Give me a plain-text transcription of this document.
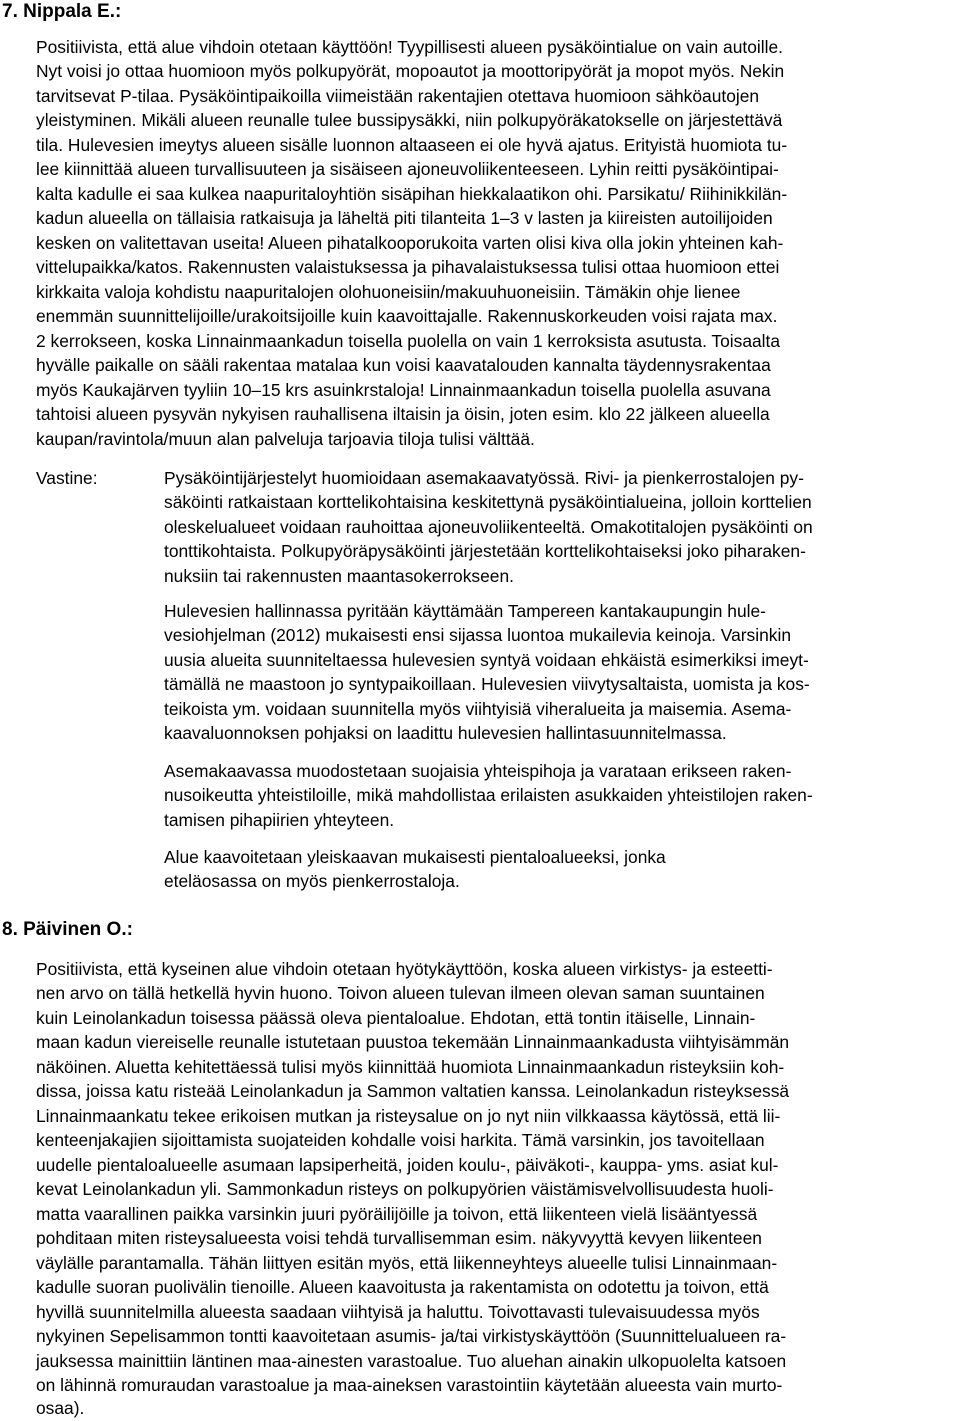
7. Nippala E.:
Positiivista, että alue vihdoin otetaan käyttöön! Tyypillisesti alueen pysäköintialue on vain autoille.
Nyt voisi jo ottaa huomioon myös polkupyörät, mopoautot ja moottoripyörät ja mopot myös. Nekin
tarvitsevat P-tilaa. Pysäköintipaikoilla viimeistään rakentajien otettava huomioon sähköautojen
yleistyminen. Mikäli alueen reunalle tulee bussipysäkki, niin polkupyöräkatokselle on järjestettävä
tila. Hulevesien imeytys alueen sisälle luonnon altaaseen ei ole hyvä ajatus. Erityistä huomiota tu-
lee kiinnittää alueen turvallisuuteen ja sisäiseen ajoneuvoliikenteeseen. Lyhin reitti pysäköintipai-
kalta kadulle ei saa kulkea naapuritaloyhtiön sisäpihan hiekkalaatikon ohi. Parsikatu/ Riihinikkilän-
kadun alueella on tällaisia ratkaisuja ja läheltä piti tilanteita 1–3 v lasten ja kiireisten autoilijoiden
kesken on valitettavan useita! Alueen pihatalkooporukoita varten olisi kiva olla jokin yhteinen kah-
vittelupaikka/katos. Rakennusten valaistuksessa ja pihavalaistuksessa tulisi ottaa huomioon ettei
kirkkaita valoja kohdistu naapuritalojen olohuoneisiin/makuuhuoneisiin. Tämäkin ohje lienee
enemmän suunnittelijoille/urakoitsijoille kuin kaavoittajalle. Rakennuskorkeuden voisi rajata max.
2 kerrokseen, koska Linnainmaankadun toisella puolella on vain 1 kerroksista asutusta. Toisaalta
hyvälle paikalle on sääli rakentaa matalaa kun voisi kaavatalouden kannalta täydennysrakentaa
myös Kaukajärven tyyliin 10–15 krs asuinkrstaloja! Linnainmaankadun toisella puolella asuvana
tahtoisi alueen pysyvän nykyisen rauhallisena iltaisin ja öisin, joten esim. klo 22 jälkeen alueella
kaupan/ravintola/muun alan palveluja tarjoavia tiloja tulisi välttää.
Vastine:	Pysäköintijärjestelyt huomioidaan asemakaavatyössä. Rivi- ja pienkerrostalojen py-
säköinti ratkaistaan korttelikohtaisina keskitettynä pysäköintialueina, jolloin korttelien
oleskelualueet voidaan rauhoittaa ajoneuvoliikenteeltä. Omakotitalojen pysäköinti on
tonttikohtaista. Polkupyöräpysäköinti järjestetään korttelikohtaiseksi joko piharaken-
nuksiin tai rakennusten maantasokerrokseen.
Hulevesien hallinnassa pyritään käyttämään Tampereen kantakaupungin hule-
vesiohjelman (2012) mukaisesti ensi sijassa luontoa mukailevia keinoja. Varsinkin
uusia alueita suunniteltaessa hulevesien syntyä voidaan ehkäistä esimerkiksi imeyt-
tämällä ne maastoon jo syntypaikoillaan. Hulevesien viivytysaltaista, uomista ja kos-
teikoista ym. voidaan suunnitella myös viihtyisiä viheralueita ja maisemia. Asema-
kaavaluonnoksen pohjaksi on laadittu hulevesien hallintasuunnitelmassa.
Asemakaavassa muodostetaan suojaisia yhteispihoja ja varataan erikseen raken-
nusoikeutta yhteistiloille, mikä mahdollistaa erilaisten asukkaiden yhteistilojen raken-
tamisen pihapiirien yhteyteen.
Alue kaavoitetaan yleiskaavan mukaisesti pientaloalueeksi, jonka
eteläosassa on myös pienkerrostaloja.
8. Päivinen O.:
Positiivista, että kyseinen alue vihdoin otetaan hyötykäyttöön, koska alueen virkistys- ja esteetti-
nen arvo on tällä hetkellä hyvin huono. Toivon alueen tulevan ilmeen olevan saman suuntainen
kuin Leinolankadun toisessa päässä oleva pientaloalue. Ehdotan, että tontin itäiselle, Linnain-
maan kadun viereiselle reunalle istutetaan puustoa tekemään Linnainmaankadusta viihtyisämmän
näköinen. Aluetta kehitettäessä tulisi myös kiinnittää huomiota Linnainmaankadun risteyksiin koh-
dissa, joissa katu risteää Leinolankadun ja Sammon valtatien kanssa. Leinolankadun risteyksessä
Linnainmaankatu tekee erikoisen mutkan ja risteysalue on jo nyt niin vilkkaassa käytössä, että lii-
kenteenjakajien sijoittamista suojateiden kohdalle voisi harkita. Tämä varsinkin, jos tavoitellaan
uudelle pientaloalueelle asumaan lapsiperheitä, joiden koulu-, päiväkoti-, kauppa- yms. asiat kul-
kevat Leinolankadun yli. Sammonkadun risteys on polkupyörien väistämisvelvollisuudesta huoli-
matta vaarallinen paikka varsinkin juuri pyöräilijöille ja toivon, että liikenteen vielä lisääntyessä
pohditaan miten risteysalueesta voisi tehdä turvallisemman esim. näkyvyyttä kevyen liikenteen
väylälle parantamalla. Tähän liittyen esitän myös, että liikenneyhteys alueelle tulisi Linnainmaan-
kadulle suoran puolivälin tienoille. Alueen kaavoitusta ja rakentamista on odotettu ja toivon, että
hyvillä suunnitelmilla alueesta saadaan viihtyisä ja haluttu. Toivottavasti tulevaisuudessa myös
nykyinen Sepelisammon tontti kaavoitetaan asumis- ja/tai virkistyskäyttöön (Suunnittelualueen ra-
jauksessa mainittiin läntinen maa-ainesten varastoalue. Tuo aluehan ainakin ulkopuolelta katsoen
on lähinnä romuraudan varastoalue ja maa-aineksen varastointiin käytetään alueesta vain murto-
osaa).
